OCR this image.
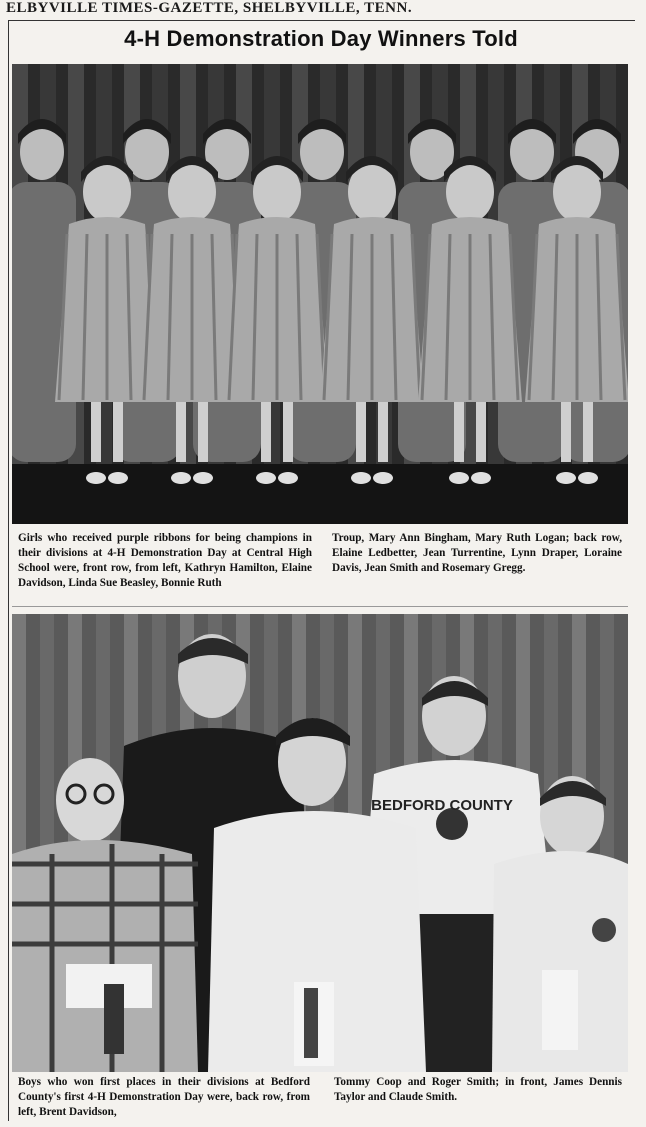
ELBYVILLE TIMES-GAZETTE, SHELBYVILLE, TENN.
4-H Demonstration Day Winners Told
Girls who received purple ribbons for being champions in their divisions at 4-H Demonstration Day at Central High School were, front row, from left, Kathryn Hamilton, Elaine Davidson, Linda Sue Beasley, Bonnie Ruth
Troup, Mary Ann Bingham, Mary Ruth Logan; back row, Elaine Ledbetter, Jean Turrentine, Lynn Draper, Loraine Davis, Jean Smith and Rosemary Gregg.
BEDFORD COUNTY
Boys who won first places in their divisions at Bedford County's first 4-H Demonstration Day were, back row, from left, Brent Davidson,
Tommy Coop and Roger Smith; in front, James Dennis Taylor and Claude Smith.
